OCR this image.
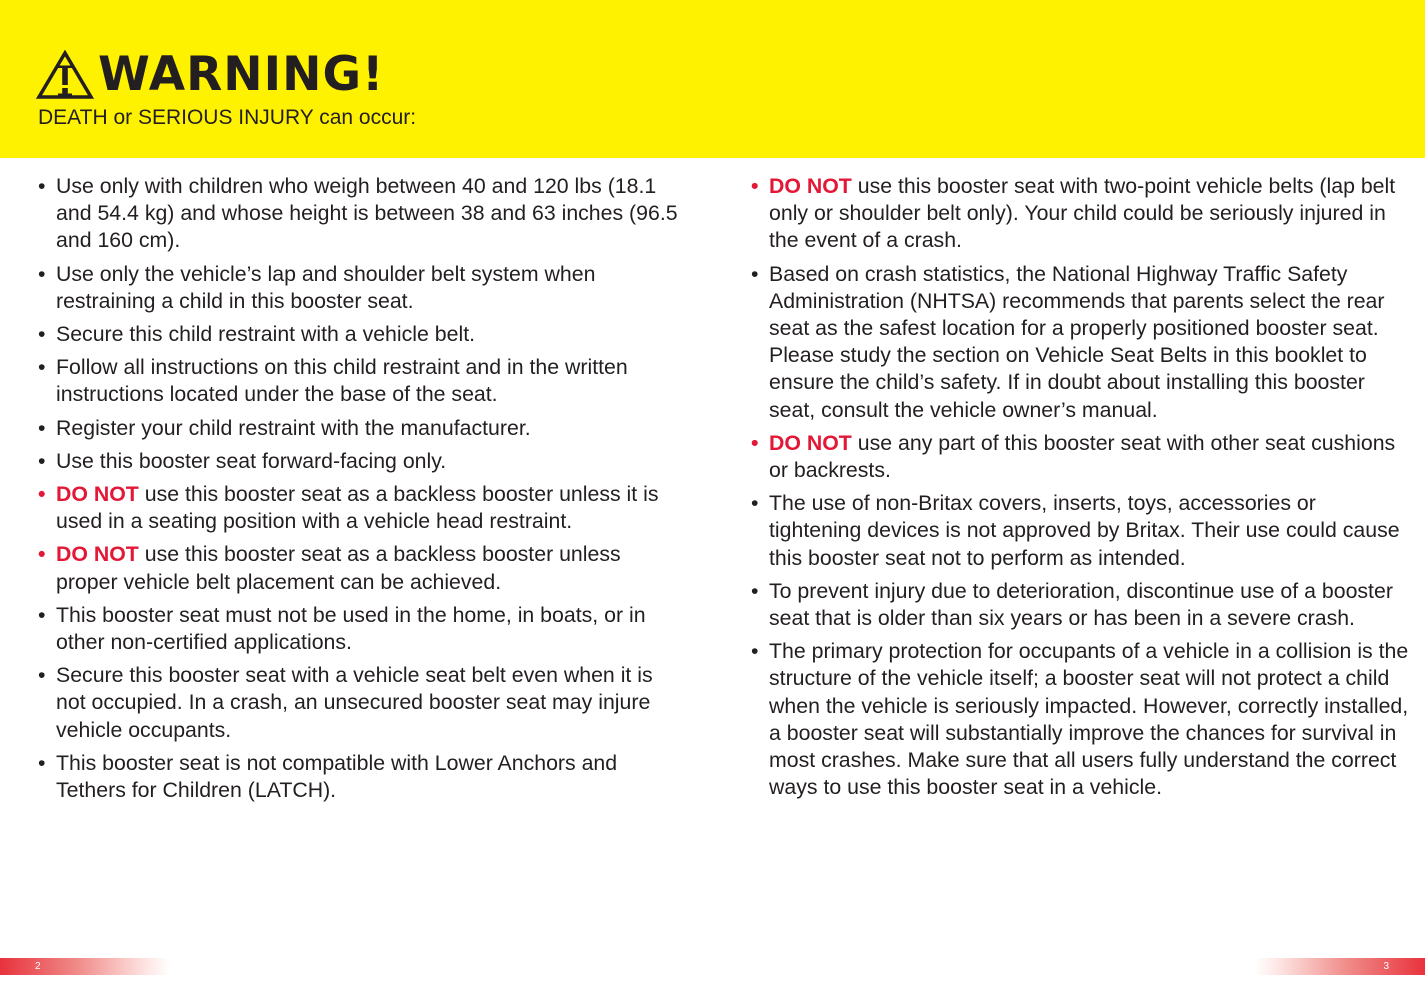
WARNING!
DEATH or SERIOUS INJURY can occur:
• Use only with children who weigh between 40 and 120 lbs (18.1 and 54.4 kg) and whose height is between 38 and 63 inches (96.5 and 160 cm).
• Use only the vehicle’s lap and shoulder belt system when restraining a child in this booster seat.
• Secure this child restraint with a vehicle belt.
• Follow all instructions on this child restraint and in the written instructions located under the base of the seat.
• Register your child restraint with the manufacturer.
• Use this booster seat forward-facing only.
• DO NOT use this booster seat as a backless booster unless it is used in a seating position with a vehicle head restraint.
• DO NOT use this booster seat as a backless booster unless proper vehicle belt placement can be achieved.
• This booster seat must not be used in the home, in boats, or in other non-certified applications.
• Secure this booster seat with a vehicle seat belt even when it is not occupied. In a crash, an unsecured booster seat may injure vehicle occupants.
• This booster seat is not compatible with Lower Anchors and Tethers for Children (LATCH).
• DO NOT use this booster seat with two-point vehicle belts (lap belt only or shoulder belt only). Your child could be seriously injured in the event of a crash.
• Based on crash statistics, the National Highway Traffic Safety Administration (NHTSA) recommends that parents select the rear seat as the safest location for a properly positioned booster seat. Please study the section on Vehicle Seat Belts in this booklet to ensure the child’s safety. If in doubt about installing this booster seat, consult the vehicle owner’s manual.
• DO NOT use any part of this booster seat with other seat cushions or backrests.
• The use of non-Britax covers, inserts, toys, accessories or tightening devices is not approved by Britax. Their use could cause this booster seat not to perform as intended.
• To prevent injury due to deterioration, discontinue use of a booster seat that is older than six years or has been in a severe crash.
• The primary protection for occupants of a vehicle in a collision is the structure of the vehicle itself; a booster seat will not protect a child when the vehicle is seriously impacted. However, correctly installed, a booster seat will substantially improve the chances for survival in most crashes. Make sure that all users fully understand the correct ways to use this booster seat in a vehicle.
2	3
